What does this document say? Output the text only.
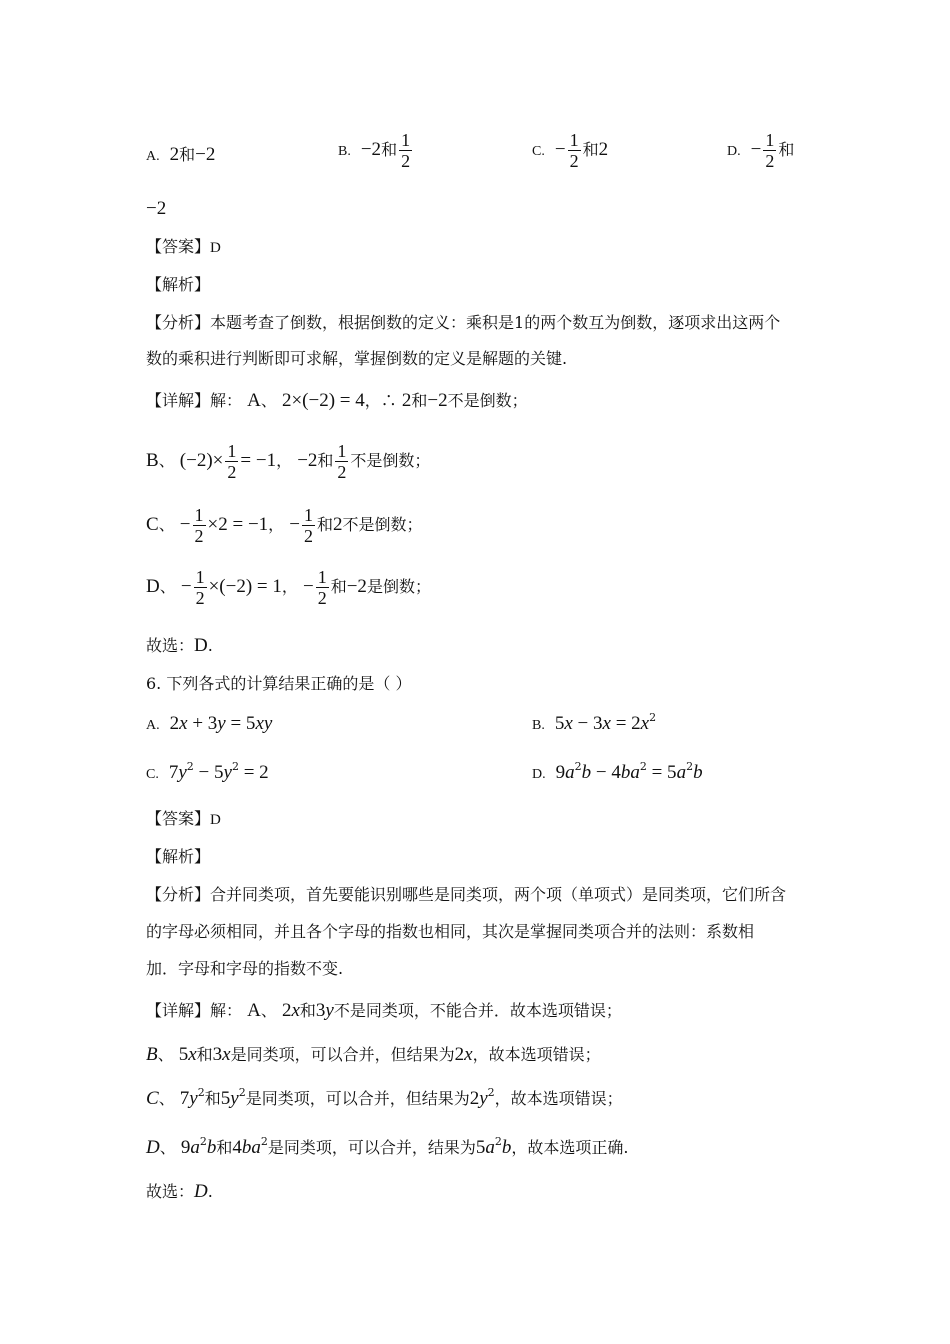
A. 2和−2	B. −2和 $\frac{1}{2}$	C. − $\frac{1}{2}$ 和2	D. − $\frac{1}{2}$ 和
−2
【答案】D
【解析】
【分析】本题考查了倒数，根据倒数的定义：乘积是1的两个数互为倒数，逐项求出这两个
数的乘积进行判断即可求解，掌握倒数的定义是解题的关键.
【详解】解： A、 2×(−2) = 4，∴ 2和−2不是倒数；
B、 $(-2)\times \frac{1}{2} = -1$， −2和 $\frac{1}{2}$ 不是倒数；
C、 − $\frac{1}{2} \times 2 = -1$， − $\frac{1}{2}$ 和2不是倒数；
D、 − $\frac{1}{2} \times(-2) = 1$， − $\frac{1}{2}$ 和−2是倒数；
故选：D.
6. 下列各式的计算结果正确的是（ ）
A. 2x + 3y = 5xy	B. $5x - 3x = 2x^2$
C. $7y^2 - 5y^2 = 2$	D. $9a^2b - 4ba^2 = 5a^2b$
【答案】D
【解析】
【分析】合并同类项，首先要能识别哪些是同类项，两个项（单项式）是同类项，它们所含
的字母必须相同，并且各个字母的指数也相同，其次是掌握同类项合并的法则：系数相
加．字母和字母的指数不变.
【详解】解： A、 2x和3y不是同类项，不能合并．故本选项错误；
B、 5x和3x是同类项，可以合并，但结果为2x，故本选项错误；
C、 $7y^2$和$5y^2$是同类项，可以合并，但结果为$2y^2$，故本选项错误；
D、 $9a^2b$和$4ba^2$是同类项，可以合并，结果为$5a^2b$，故本选项正确.
故选：D.
